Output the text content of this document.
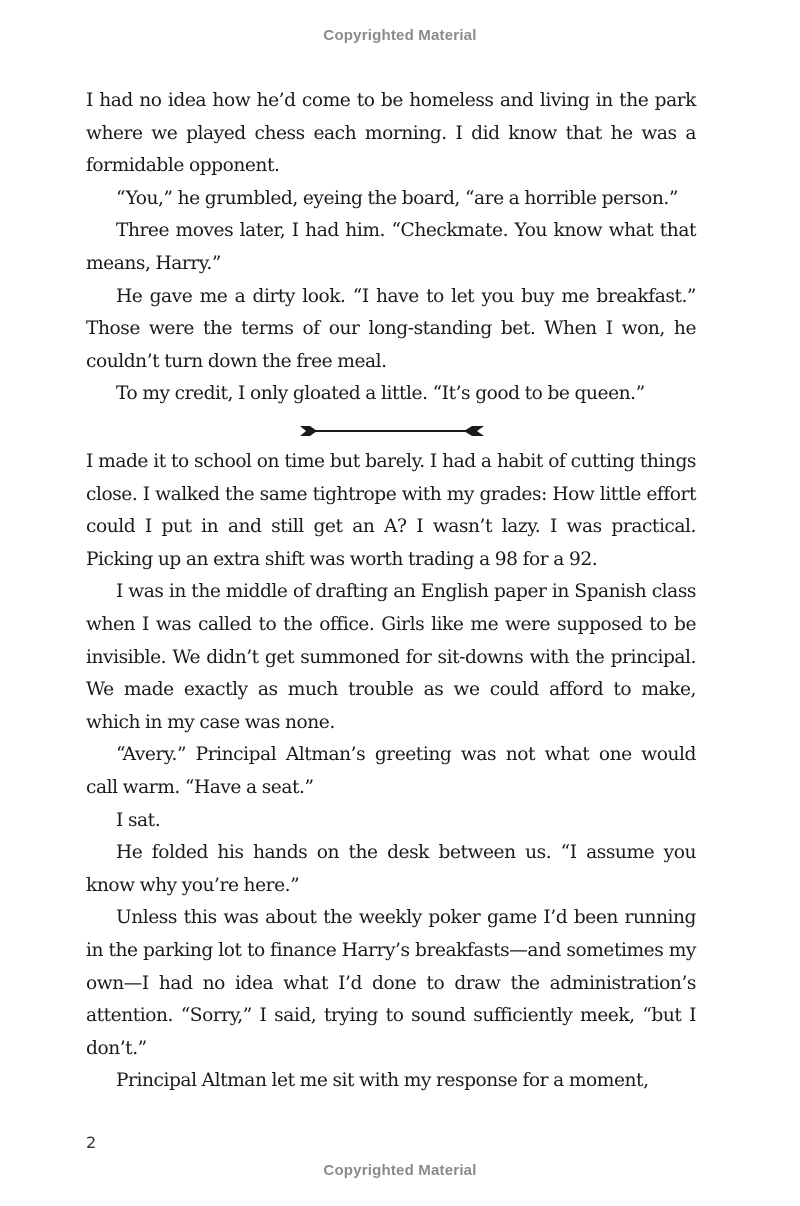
Copyrighted Material

I had no idea how he’d come to be homeless and living in the park where we played chess each morning. I did know that he was a formidable opponent.

“You,” he grumbled, eyeing the board, “are a horrible person.”

Three moves later, I had him. “Checkmate. You know what that means, Harry.”

He gave me a dirty look. “I have to let you buy me breakfast.” Those were the terms of our long-standing bet. When I won, he couldn’t turn down the free meal.

To my credit, I only gloated a little. “It’s good to be queen.”

I made it to school on time but barely. I had a habit of cutting things close. I walked the same tightrope with my grades: How little effort could I put in and still get an A? I wasn’t lazy. I was practical. Picking up an extra shift was worth trading a 98 for a 92.

I was in the middle of drafting an English paper in Spanish class when I was called to the office. Girls like me were supposed to be invisible. We didn’t get summoned for sit-downs with the principal. We made exactly as much trouble as we could afford to make, which in my case was none.

“Avery.” Principal Altman’s greeting was not what one would call warm. “Have a seat.”

I sat.

He folded his hands on the desk between us. “I assume you know why you’re here.”

Unless this was about the weekly poker game I’d been running in the parking lot to finance Harry’s breakfasts—and sometimes my own—I had no idea what I’d done to draw the administration’s attention. “Sorry,” I said, trying to sound sufficiently meek, “but I don’t.”

Principal Altman let me sit with my response for a moment,

2
Copyrighted Material
